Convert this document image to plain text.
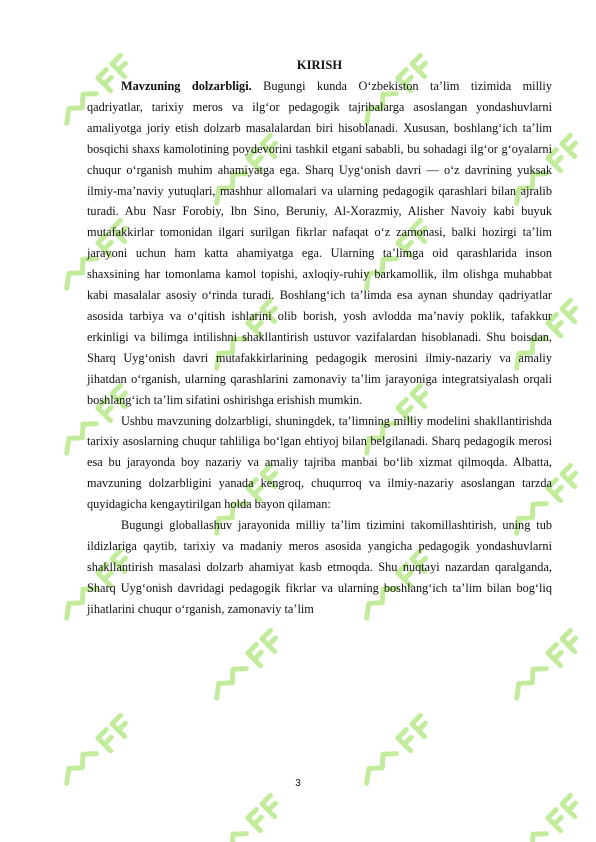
KIRISH

Mavzuning dolzarbligi. Bugungi kunda O‘zbekiston ta’lim tizimida milliy qadriyatlar, tarixiy meros va ilg‘or pedagogik tajribalarga asoslangan yondashuvlarni amaliyotga joriy etish dolzarb masalalardan biri hisoblanadi. Xususan, boshlang‘ich ta’lim bosqichi shaxs kamolotining poydevorini tashkil etgani sababli, bu sohadagi ilg‘or g‘oyalarni chuqur o‘rganish muhim ahamiyatga ega. Sharq Uyg‘onish davri — o‘z davrining yuksak ilmiy-ma’naviy yutuqlari, mashhur allomalari va ularning pedagogik qarashlari bilan ajralib turadi. Abu Nasr Forobiy, Ibn Sino, Beruniy, Al-Xorazmiy, Alisher Navoiy kabi buyuk mutafakkirlar tomonidan ilgari surilgan fikrlar nafaqat o‘z zamonasi, balki hozirgi ta’lim jarayoni uchun ham katta ahamiyatga ega. Ularning ta’limga oid qarashlarida inson shaxsining har tomonlama kamol topishi, axloqiy-ruhiy barkamollik, ilm olishga muhabbat kabi masalalar asosiy o‘rinda turadi. Boshlang‘ich ta’limda esa aynan shunday qadriyatlar asosida tarbiya va o‘qitish ishlarini olib borish, yosh avlodda ma’naviy poklik, tafakkur erkinligi va bilimga intilishni shakllantirish ustuvor vazifalardan hisoblanadi. Shu boisdan, Sharq Uyg‘onish davri mutafakkirlarining pedagogik merosini ilmiy-nazariy va amaliy jihatdan o‘rganish, ularning qarashlarini zamonaviy ta’lim jarayoniga integratsiyalash orqali boshlang‘ich ta’lim sifatini oshirishga erishish mumkin.

Ushbu mavzuning dolzarbligi, shuningdek, ta’limning milliy modelini shakllantirishda tarixiy asoslarning chuqur tahliliga bo‘lgan ehtiyoj bilan belgilanadi. Sharq pedagogik merosi esa bu jarayonda boy nazariy va amaliy tajriba manbai bo‘lib xizmat qilmoqda. Albatta, mavzuning dolzarbligini yanada kengroq, chuqurroq va ilmiy-nazariy asoslangan tarzda quyidagicha kengaytirilgan holda bayon qilaman:

Bugungi globallashuv jarayonida milliy ta’lim tizimini takomillashtirish, uning tub ildizlariga qaytib, tarixiy va madaniy meros asosida yangicha pedagogik yondashuvlarni shakllantirish masalasi dolzarb ahamiyat kasb etmoqda. Shu nuqtayi nazardan qaralganda, Sharq Uyg‘onish davridagi pedagogik fikrlar va ularning boshlang‘ich ta’lim bilan bog‘liq jihatlarini chuqur o‘rganish, zamonaviy ta’lim

3
